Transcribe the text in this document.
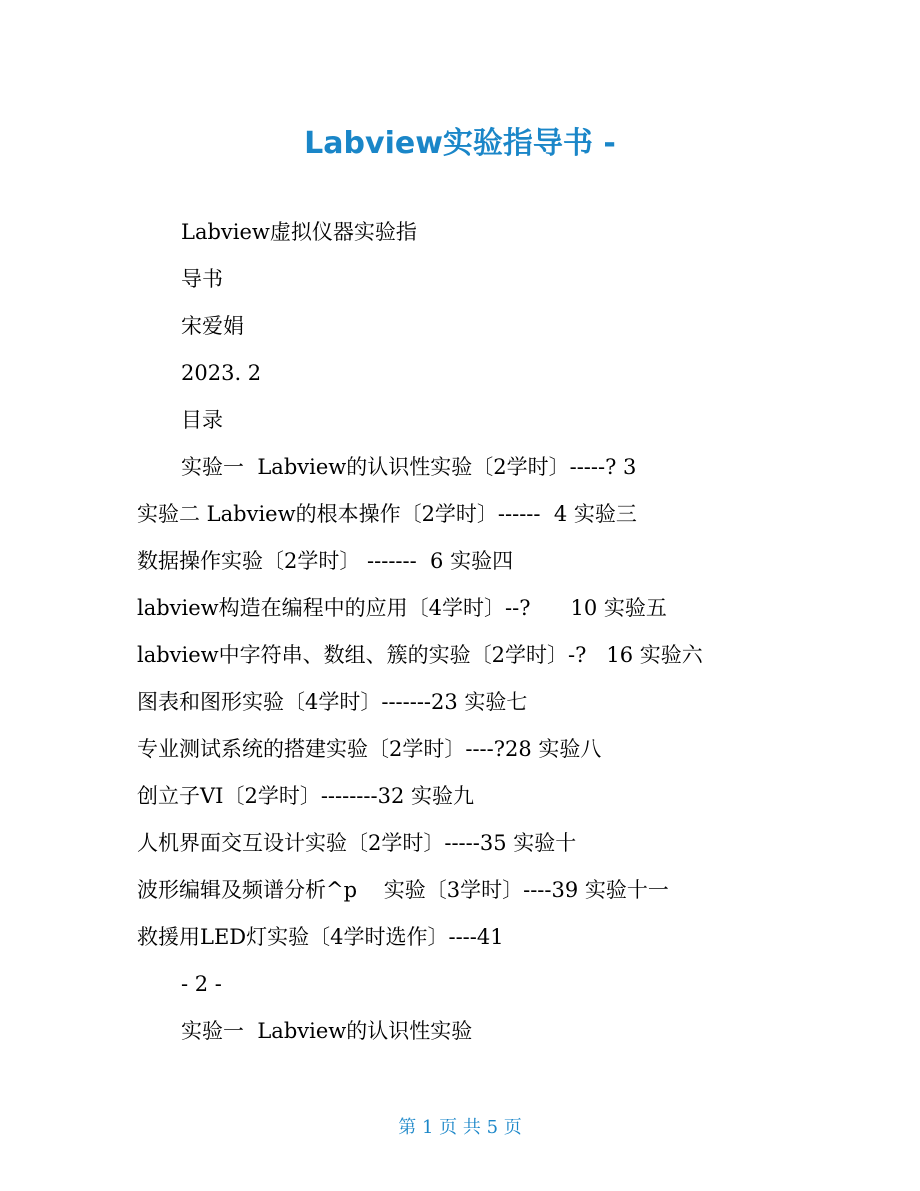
Labview实验指导书 -
Labview虚拟仪器实验指
导书
宋爱娟
2023. 2
目录
实验一  Labview的认识性实验〔2学时〕-----? 3
实验二 Labview的根本操作〔2学时〕------  4 实验三
数据操作实验〔2学时〕 -------  6 实验四
labview构造在编程中的应用〔4学时〕--?      10 实验五
labview中字符串、数组、簇的实验〔2学时〕-?   16 实验六
图表和图形实验〔4学时〕-------23 实验七
专业测试系统的搭建实验〔2学时〕----?28 实验八
创立子VI〔2学时〕--------32 实验九
人机界面交互设计实验〔2学时〕-----35 实验十
波形编辑及频谱分析^p    实验〔3学时〕----39 实验十一
救援用LED灯实验〔4学时选作〕----41
- 2 -
实验一  Labview的认识性实验
第 1 页 共 5 页
